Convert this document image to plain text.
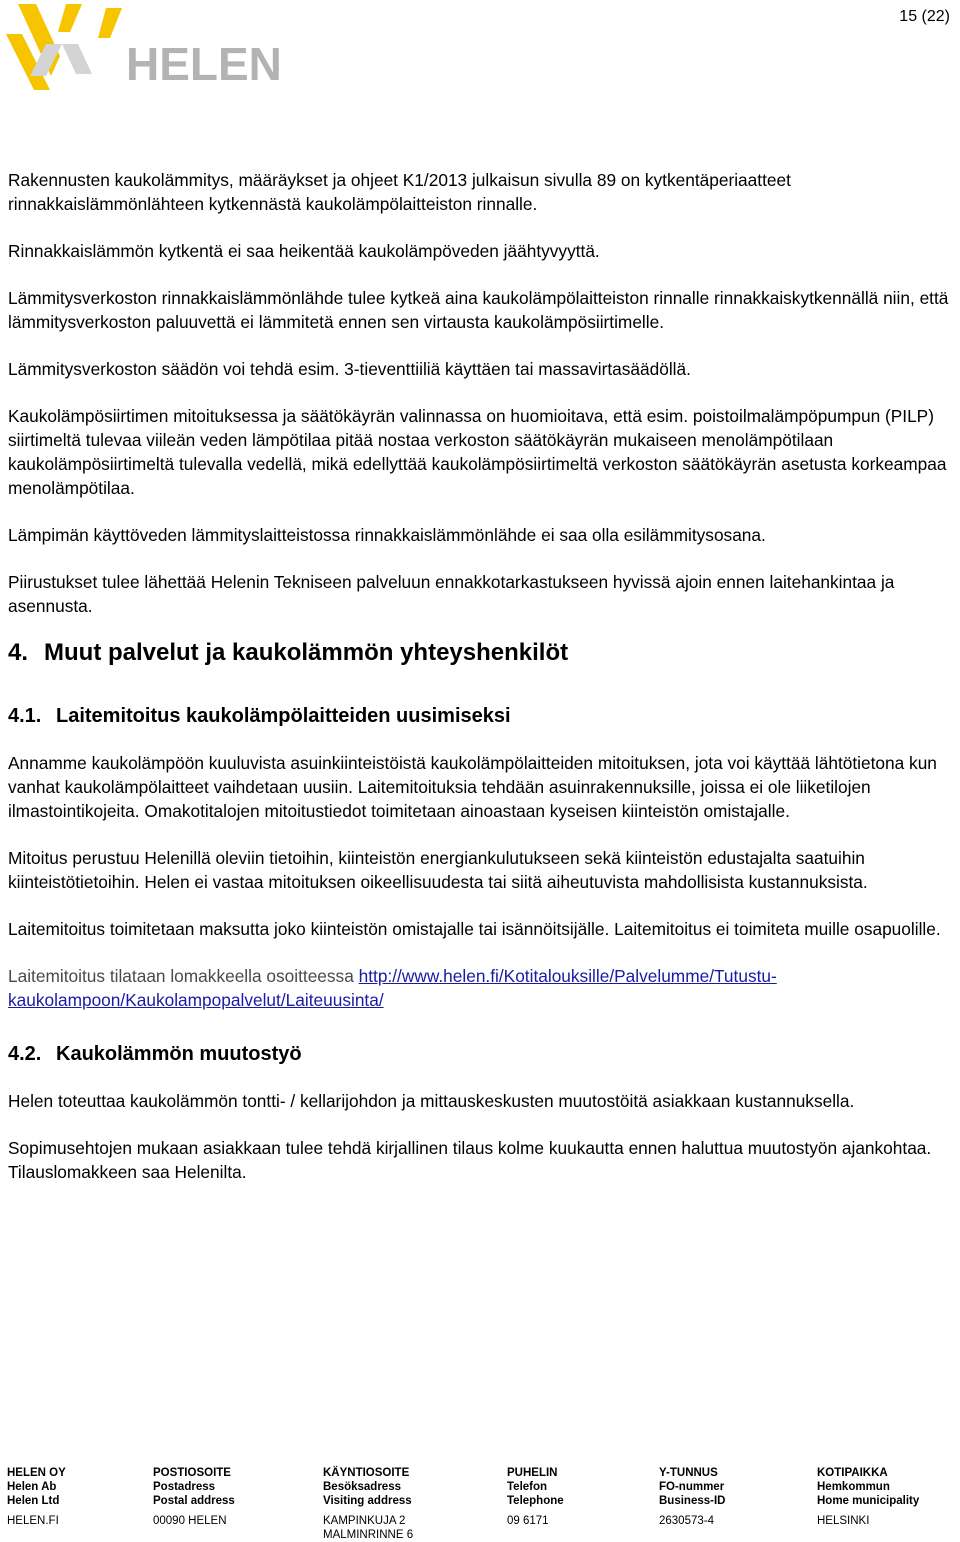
HELEN
15 (22)

Rakennusten kaukolämmitys, määräykset ja ohjeet K1/2013 julkaisun sivulla 89 on kytkentäperiaatteet rinnakkaislämmönlähteen kytkennästä kaukolämpölaitteiston rinnalle.

Rinnakkaislämmön kytkentä ei saa heikentää kaukolämpöveden jäähtyvyyttä.

Lämmitysverkoston rinnakkaislämmönlähde tulee kytkeä aina kaukolämpölaitteiston rinnalle rinnakkaiskytkennällä niin, että lämmitysverkoston paluuvettä ei lämmitetä ennen sen virtausta kaukolämpösiirtimelle.

Lämmitysverkoston säädön voi tehdä esim. 3-tieventtiiliä käyttäen tai massavirtasäädöllä.

Kaukolämpösiirtimen mitoituksessa ja säätökäyrän valinnassa on huomioitava, että esim. poistoilmalämpöpumpun (PILP) siirtimeltä tulevaa viileän veden lämpötilaa pitää nostaa verkoston säätökäyrän mukaiseen menolämpötilaan kaukolämpösiirtimeltä tulevalla vedellä, mikä edellyttää kaukolämpösiirtimeltä verkoston säätökäyrän asetusta korkeampaa menolämpötilaa.

Lämpimän käyttöveden lämmityslaitteistossa rinnakkaislämmönlähde ei saa olla esilämmitysosana.

Piirustukset tulee lähettää Helenin Tekniseen palveluun ennakkotarkastukseen hyvissä ajoin ennen laitehankintaa ja asennusta.

4. Muut palvelut ja kaukolämmön yhteyshenkilöt
4.1. Laitemitoitus kaukolämpölaitteiden uusimiseksi

Annamme kaukolämpöön kuuluvista asuinkiinteistöistä kaukolämpölaitteiden mitoituksen, jota voi käyttää lähtötietona kun vanhat kaukolämpölaitteet vaihdetaan uusiin. Laitemitoituksia tehdään asuinrakennuksille, joissa ei ole liiketilojen ilmastointikojeita. Omakotitalojen mitoitustiedot toimitetaan ainoastaan kyseisen kiinteistön omistajalle.

Mitoitus perustuu Helenillä oleviin tietoihin, kiinteistön energiankulutukseen sekä kiinteistön edustajalta saatuihin kiinteistötietoihin. Helen ei vastaa mitoituksen oikeellisuudesta tai siitä aiheutuvista mahdollisista kustannuksista.

Laitemitoitus toimitetaan maksutta joko kiinteistön omistajalle tai isännöitsijälle. Laitemitoitus ei toimiteta muille osapuolille.

Laitemitoitus tilataan lomakkeella osoitteessa http://www.helen.fi/Kotitalouksille/Palvelumme/Tutustu-kaukolampoon/Kaukolampopalvelut/Laiteuusinta/

4.2. Kaukolämmön muutostyö

Helen toteuttaa kaukolämmön tontti- / kellarijohdon ja mittauskeskusten muutostöitä asiakkaan kustannuksella.

Sopimusehtojen mukaan asiakkaan tulee tehdä kirjallinen tilaus kolme kuukautta ennen haluttua muutostyön ajankohtaa. Tilauslomakkeen saa Helenilta.

HELEN OY
Helen Ab
Helen Ltd
HELEN.FI
POSTIOSOITE
Postadress
Postal address
00090 HELEN
KÄYNTIOSOITE
Besöksadress
Visiting address
KAMPINKUJA 2
MALMINRINNE 6
PUHELIN
Telefon
Telephone
09 6171
Y-TUNNUS
FO-nummer
Business-ID
2630573-4
KOTIPAIKKA
Hemkommun
Home municipality
HELSINKI
